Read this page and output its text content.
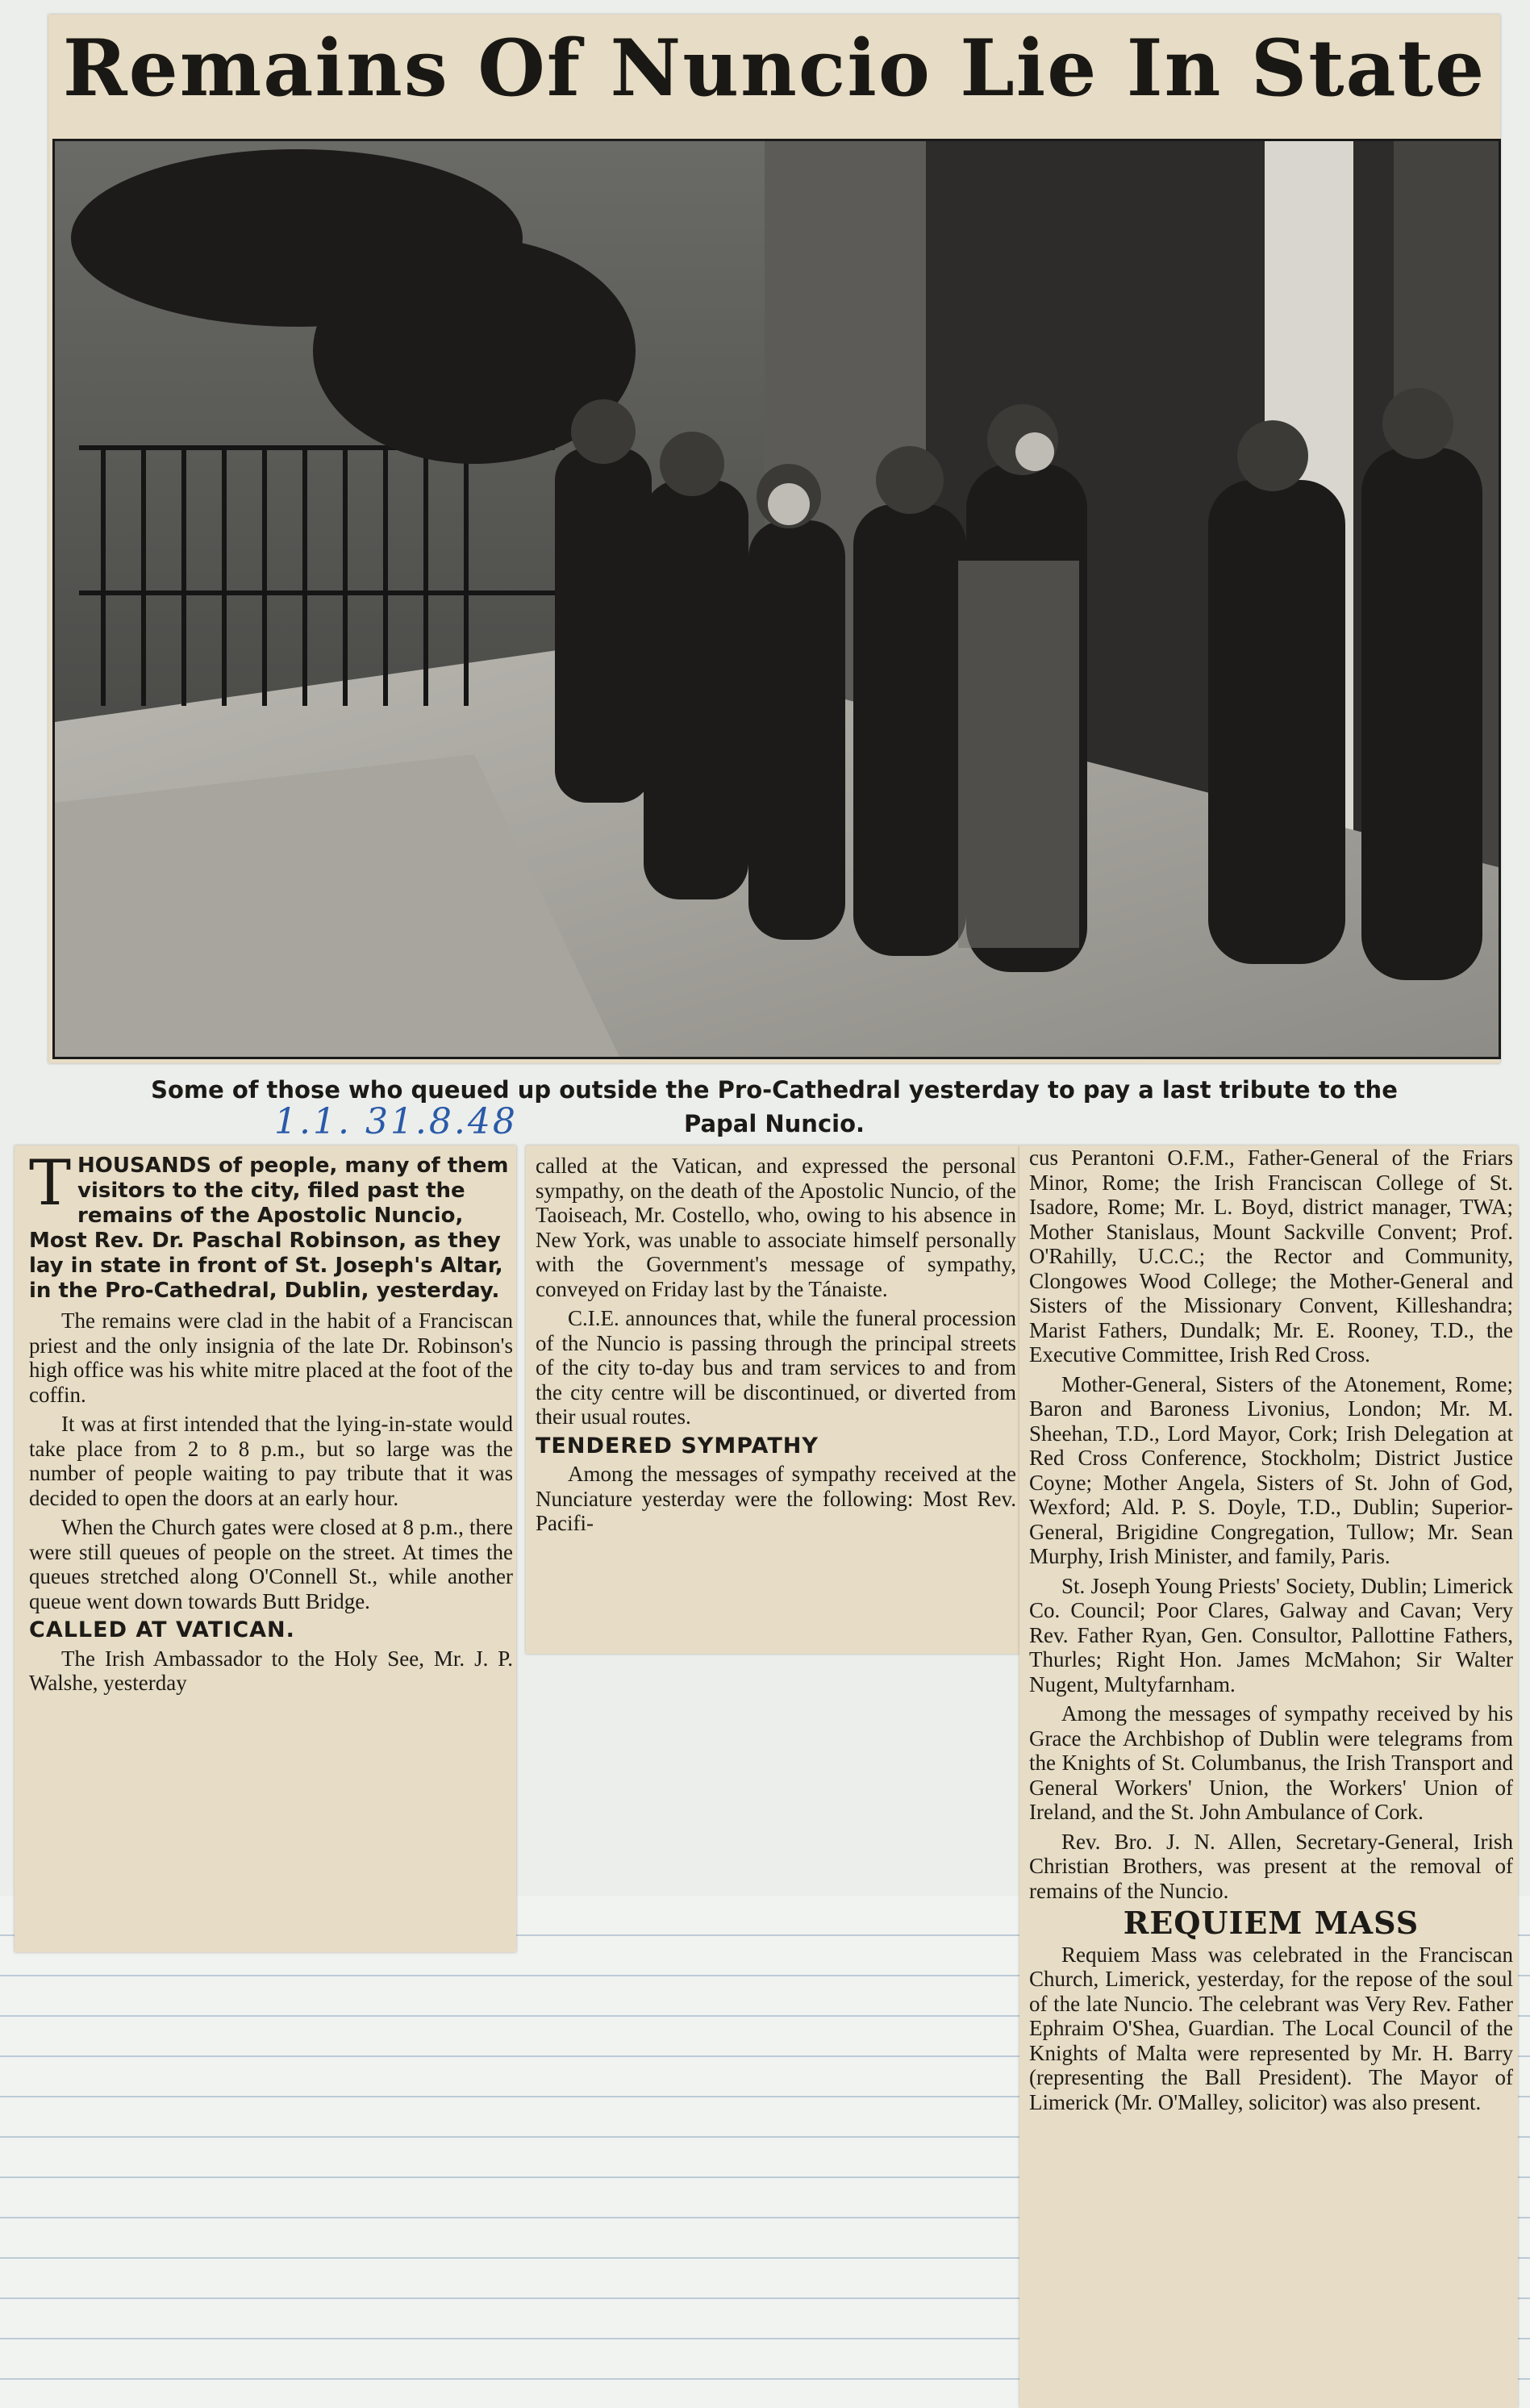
Remains Of Nuncio Lie In State
Some of those who queued up outside the Pro-Cathedral yesterday to pay a last tribute to the
Papal Nuncio.
1.1. 31.8.48

THOUSANDS of people, many of them visitors to the city, filed past the remains of the Apostolic Nuncio, Most Rev. Dr. Paschal Robinson, as they lay in state in front of St. Joseph's Altar, in the Pro-Cathedral, Dublin, yesterday.

The remains were clad in the habit of a Franciscan priest and the only insignia of the late Dr. Robinson's high office was his white mitre placed at the foot of the coffin.

It was at first intended that the lying-in-state would take place from 2 to 8 p.m., but so large was the number of people waiting to pay tribute that it was decided to open the doors at an early hour.

When the Church gates were closed at 8 p.m., there were still queues of people on the street. At times the queues stretched along O'Connell St., while another queue went down towards Butt Bridge.

CALLED AT VATICAN.

The Irish Ambassador to the Holy See, Mr. J. P. Walshe, yesterday

called at the Vatican, and expressed the personal sympathy, on the death of the Apostolic Nuncio, of the Taoiseach, Mr. Costello, who, owing to his absence in New York, was unable to associate himself personally with the Government's message of sympathy, conveyed on Friday last by the Tánaiste.

C.I.E. announces that, while the funeral procession of the Nuncio is passing through the principal streets of the city to-day bus and tram services to and from the city centre will be discontinued, or diverted from their usual routes.

TENDERED SYMPATHY

Among the messages of sympathy received at the Nunciature yesterday were the following: Most Rev. Pacifi-

cus Perantoni O.F.M., Father-General of the Friars Minor, Rome; the Irish Franciscan College of St. Isadore, Rome; Mr. L. Boyd, district manager, TWA; Mother Stanislaus, Mount Sackville Convent; Prof. O'Rahilly, U.C.C.; the Rector and Community, Clongowes Wood College; the Mother-General and Sisters of the Missionary Convent, Killeshandra; Marist Fathers, Dundalk; Mr. E. Rooney, T.D., the Executive Committee, Irish Red Cross.

Mother-General, Sisters of the Atonement, Rome; Baron and Baroness Livonius, London; Mr. M. Sheehan, T.D., Lord Mayor, Cork; Irish Delegation at Red Cross Conference, Stockholm; District Justice Coyne; Mother Angela, Sisters of St. John of God, Wexford; Ald. P. S. Doyle, T.D., Dublin; Superior-General, Brigidine Congregation, Tullow; Mr. Sean Murphy, Irish Minister, and family, Paris.

St. Joseph Young Priests' Society, Dublin; Limerick Co. Council; Poor Clares, Galway and Cavan; Very Rev. Father Ryan, Gen. Consultor, Pallottine Fathers, Thurles; Right Hon. James McMahon; Sir Walter Nugent, Multyfarnham.

Among the messages of sympathy received by his Grace the Archbishop of Dublin were telegrams from the Knights of St. Columbanus, the Irish Transport and General Workers' Union, the Workers' Union of Ireland, and the St. John Ambulance of Cork.

Rev. Bro. J. N. Allen, Secretary-General, Irish Christian Brothers, was present at the removal of remains of the Nuncio.

REQUIEM MASS

Requiem Mass was celebrated in the Franciscan Church, Limerick, yesterday, for the repose of the soul of the late Nuncio. The celebrant was Very Rev. Father Ephraim O'Shea, Guardian. The Local Council of the Knights of Malta were represented by Mr. H. Barry (representing the Ball President). The Mayor of Limerick (Mr. O'Malley, solicitor) was also present.
